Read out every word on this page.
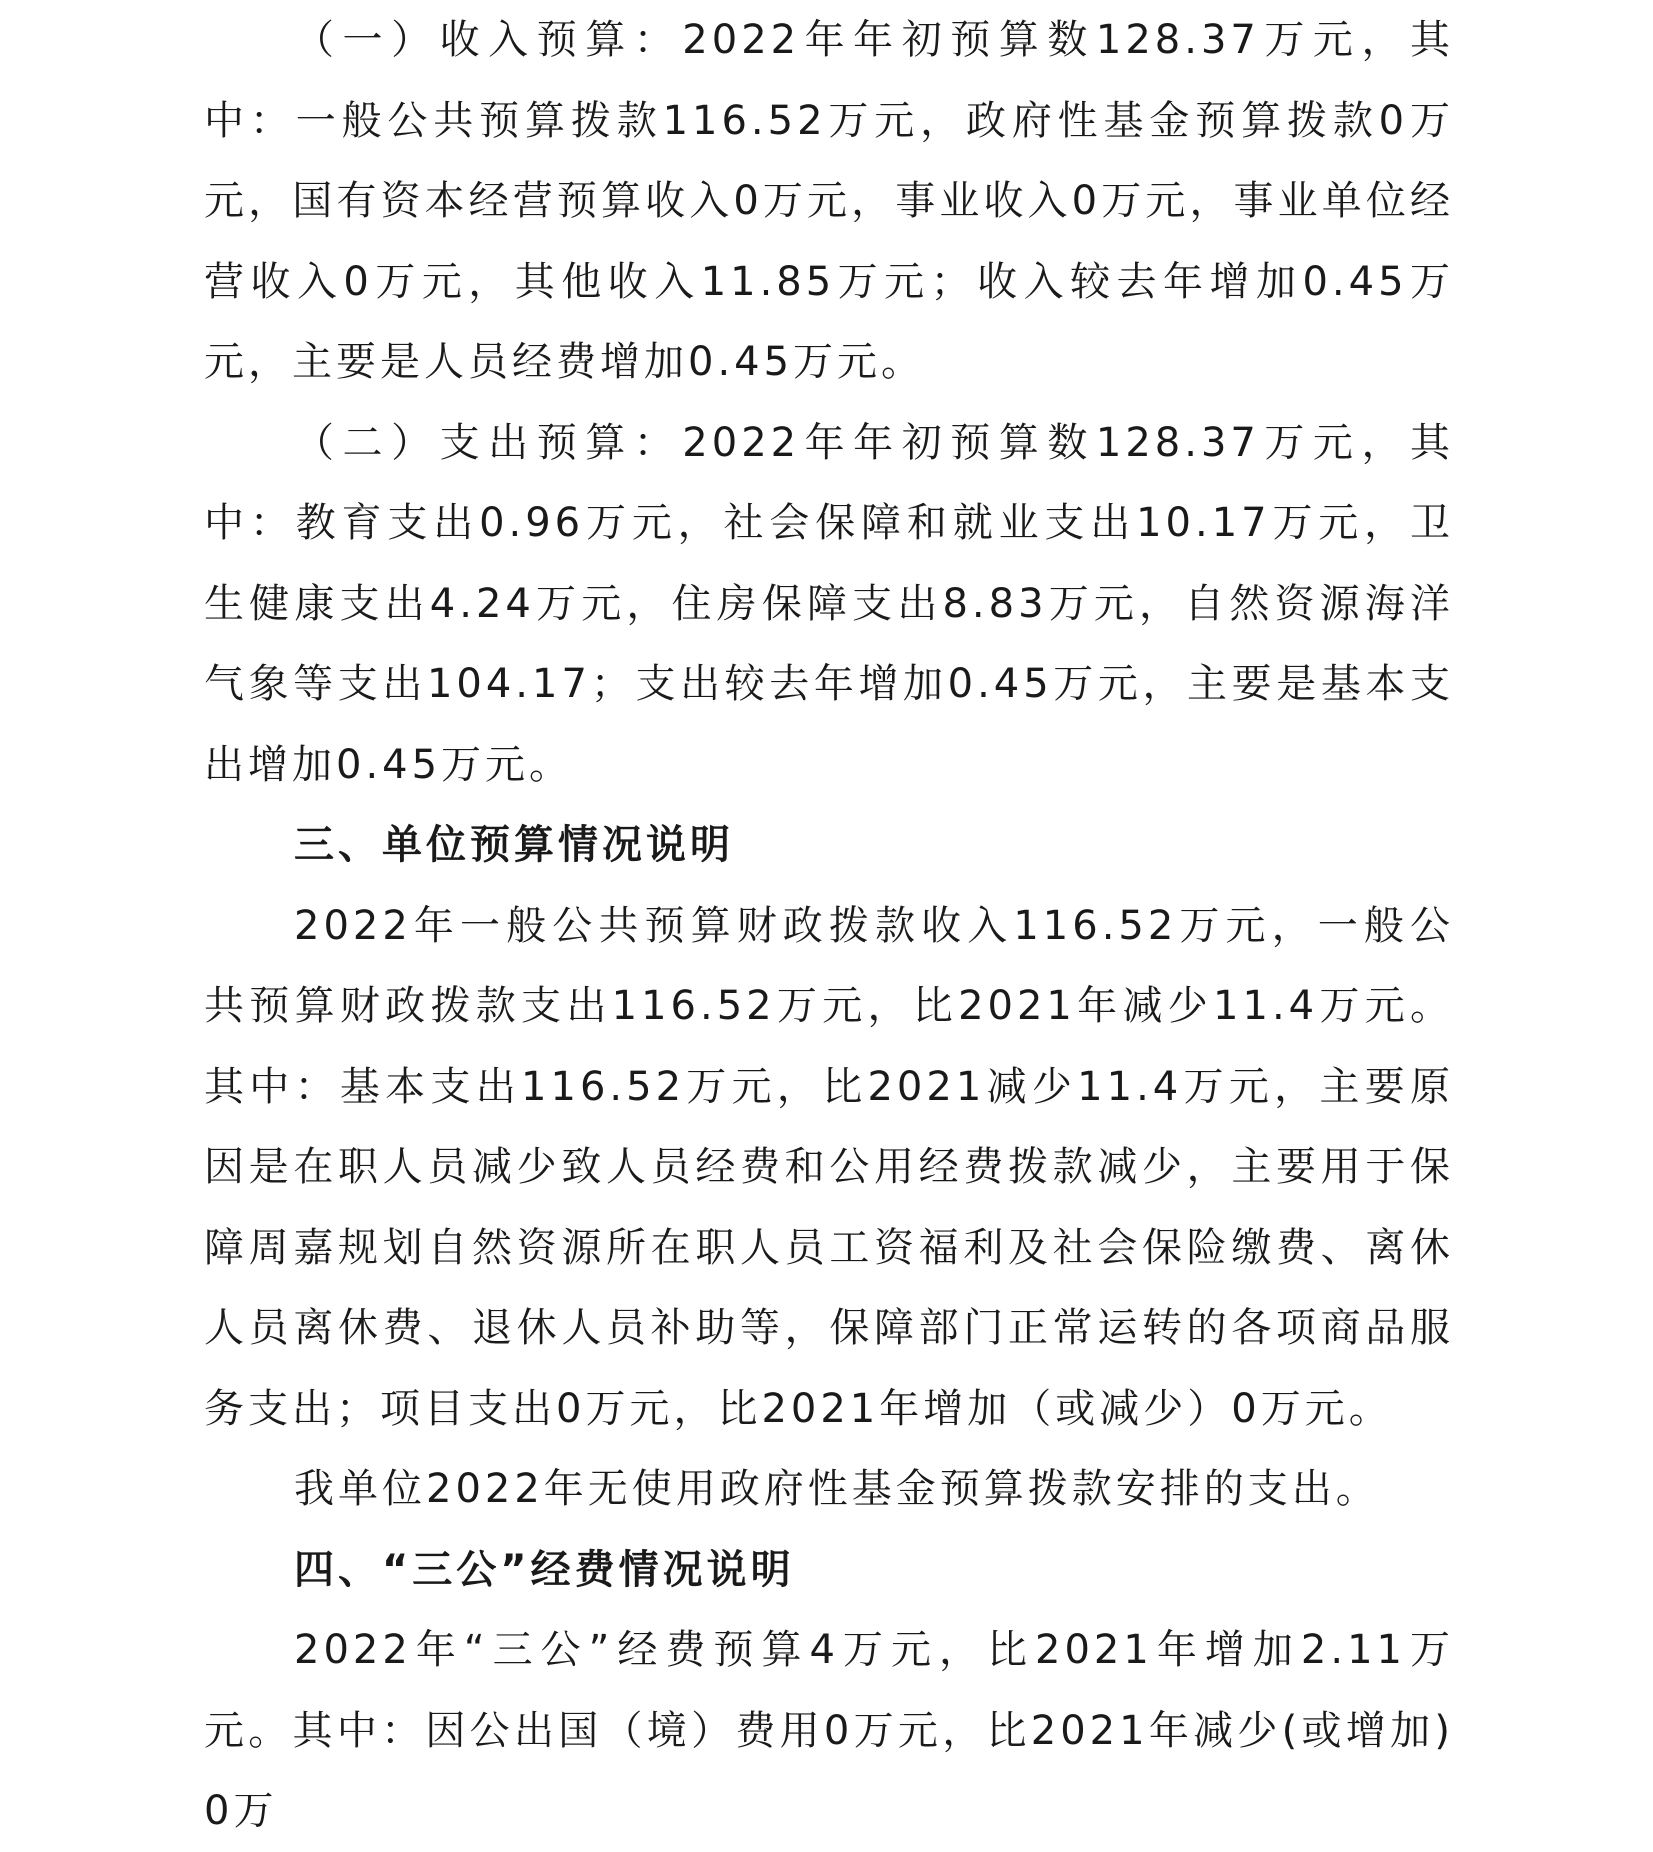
（一）收入预算：2022年年初预算数128.37万元，其中：一般公共预算拨款116.52万元，政府性基金预算拨款0万元，国有资本经营预算收入0万元，事业收入0万元，事业单位经营收入0万元，其他收入11.85万元；收入较去年增加0.45万元，主要是人员经费增加0.45万元。

（二）支出预算：2022年年初预算数128.37万元，其中：教育支出0.96万元，社会保障和就业支出10.17万元，卫生健康支出4.24万元，住房保障支出8.83万元，自然资源海洋气象等支出104.17；支出较去年增加0.45万元，主要是基本支出增加0.45万元。

三、单位预算情况说明

2022年一般公共预算财政拨款收入116.52万元，一般公共预算财政拨款支出116.52万元，比2021年减少11.4万元。其中：基本支出116.52万元，比2021减少11.4万元，主要原因是在职人员减少致人员经费和公用经费拨款减少，主要用于保障周嘉规划自然资源所在职人员工资福利及社会保险缴费、离休人员离休费、退休人员补助等，保障部门正常运转的各项商品服务支出；项目支出0万元，比2021年增加（或减少）0万元。

我单位2022年无使用政府性基金预算拨款安排的支出。

四、“三公”经费情况说明

2022年“三公”经费预算4万元，比2021年增加2.11万元。其中：因公出国（境）费用0万元，比2021年减少(或增加)0万
